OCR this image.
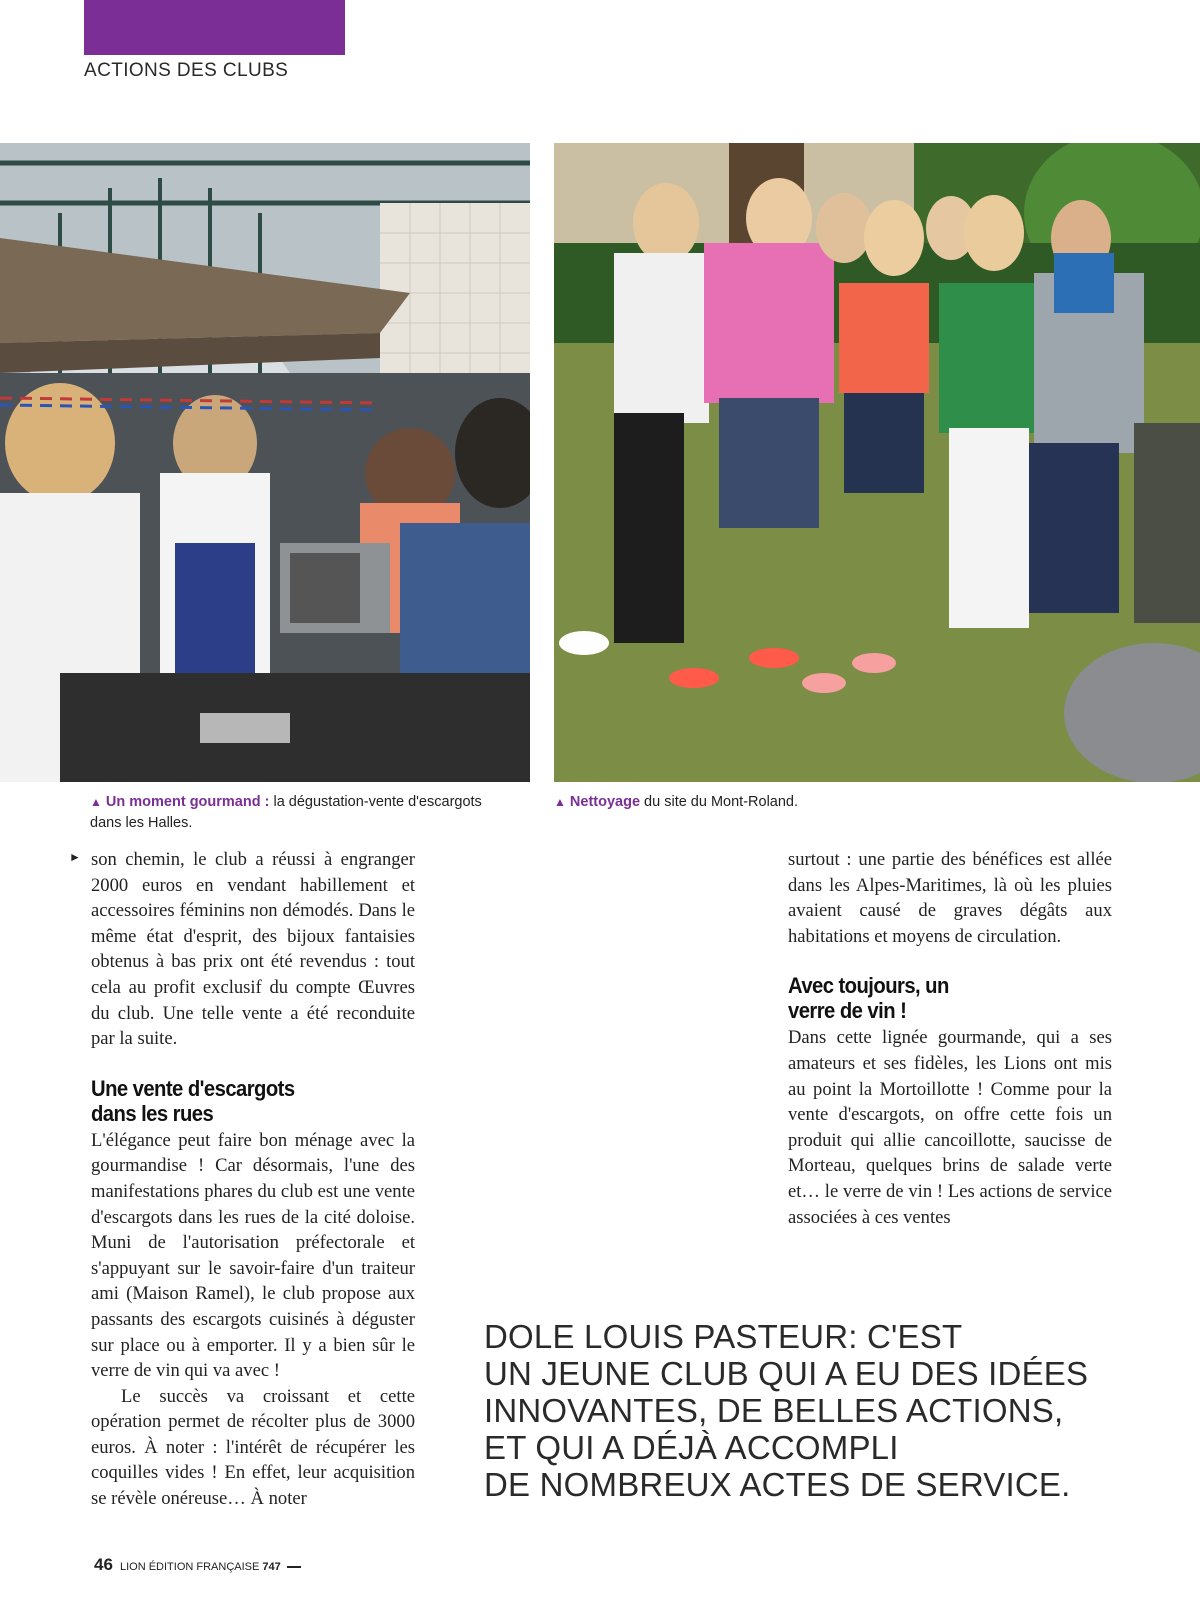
ACTIONS DES CLUBS
▲ Un moment gourmand : la dégustation-vente d'escargots dans les Halles.
▲ Nettoyage du site du Mont-Roland.
► son chemin, le club a réussi à engranger 2000 euros en vendant habillement et accessoires féminins non démodés. Dans le même état d'esprit, des bijoux fantaisies obtenus à bas prix ont été revendus : tout cela au profit exclusif du compte Œuvres du club. Une telle vente a été reconduite par la suite.

Une vente d'escargots dans les rues

L'élégance peut faire bon ménage avec la gourmandise ! Car désormais, l'une des manifestations phares du club est une vente d'escargots dans les rues de la cité doloise. Muni de l'autorisation préfectorale et s'appuyant sur le savoir-faire d'un traiteur ami (Maison Ramel), le club propose aux passants des escargots cuisinés à déguster sur place ou à emporter. Il y a bien sûr le verre de vin qui va avec !

Le succès va croissant et cette opération permet de récolter plus de 3000 euros. À noter : l'intérêt de récupérer les coquilles vides ! En effet, leur acquisition se révèle onéreuse… À noter

surtout : une partie des bénéfices est allée dans les Alpes-Maritimes, là où les pluies avaient causé de graves dégâts aux habitations et moyens de circulation.

Avec toujours, un verre de vin !

Dans cette lignée gourmande, qui a ses amateurs et ses fidèles, les Lions ont mis au point la Mortoillotte ! Comme pour la vente d'escargots, on offre cette fois un produit qui allie cancoillotte, saucisse de Morteau, quelques brins de salade verte et… le verre de vin ! Les actions de service associées à ces ventes

DOLE LOUIS PASTEUR: C'EST
UN JEUNE CLUB QUI A EU DES IDÉES
INNOVANTES, DE BELLES ACTIONS,
ET QUI A DÉJÀ ACCOMPLI
DE NOMBREUX ACTES DE SERVICE.
46 LION ÉDITION FRANÇAISE 747
